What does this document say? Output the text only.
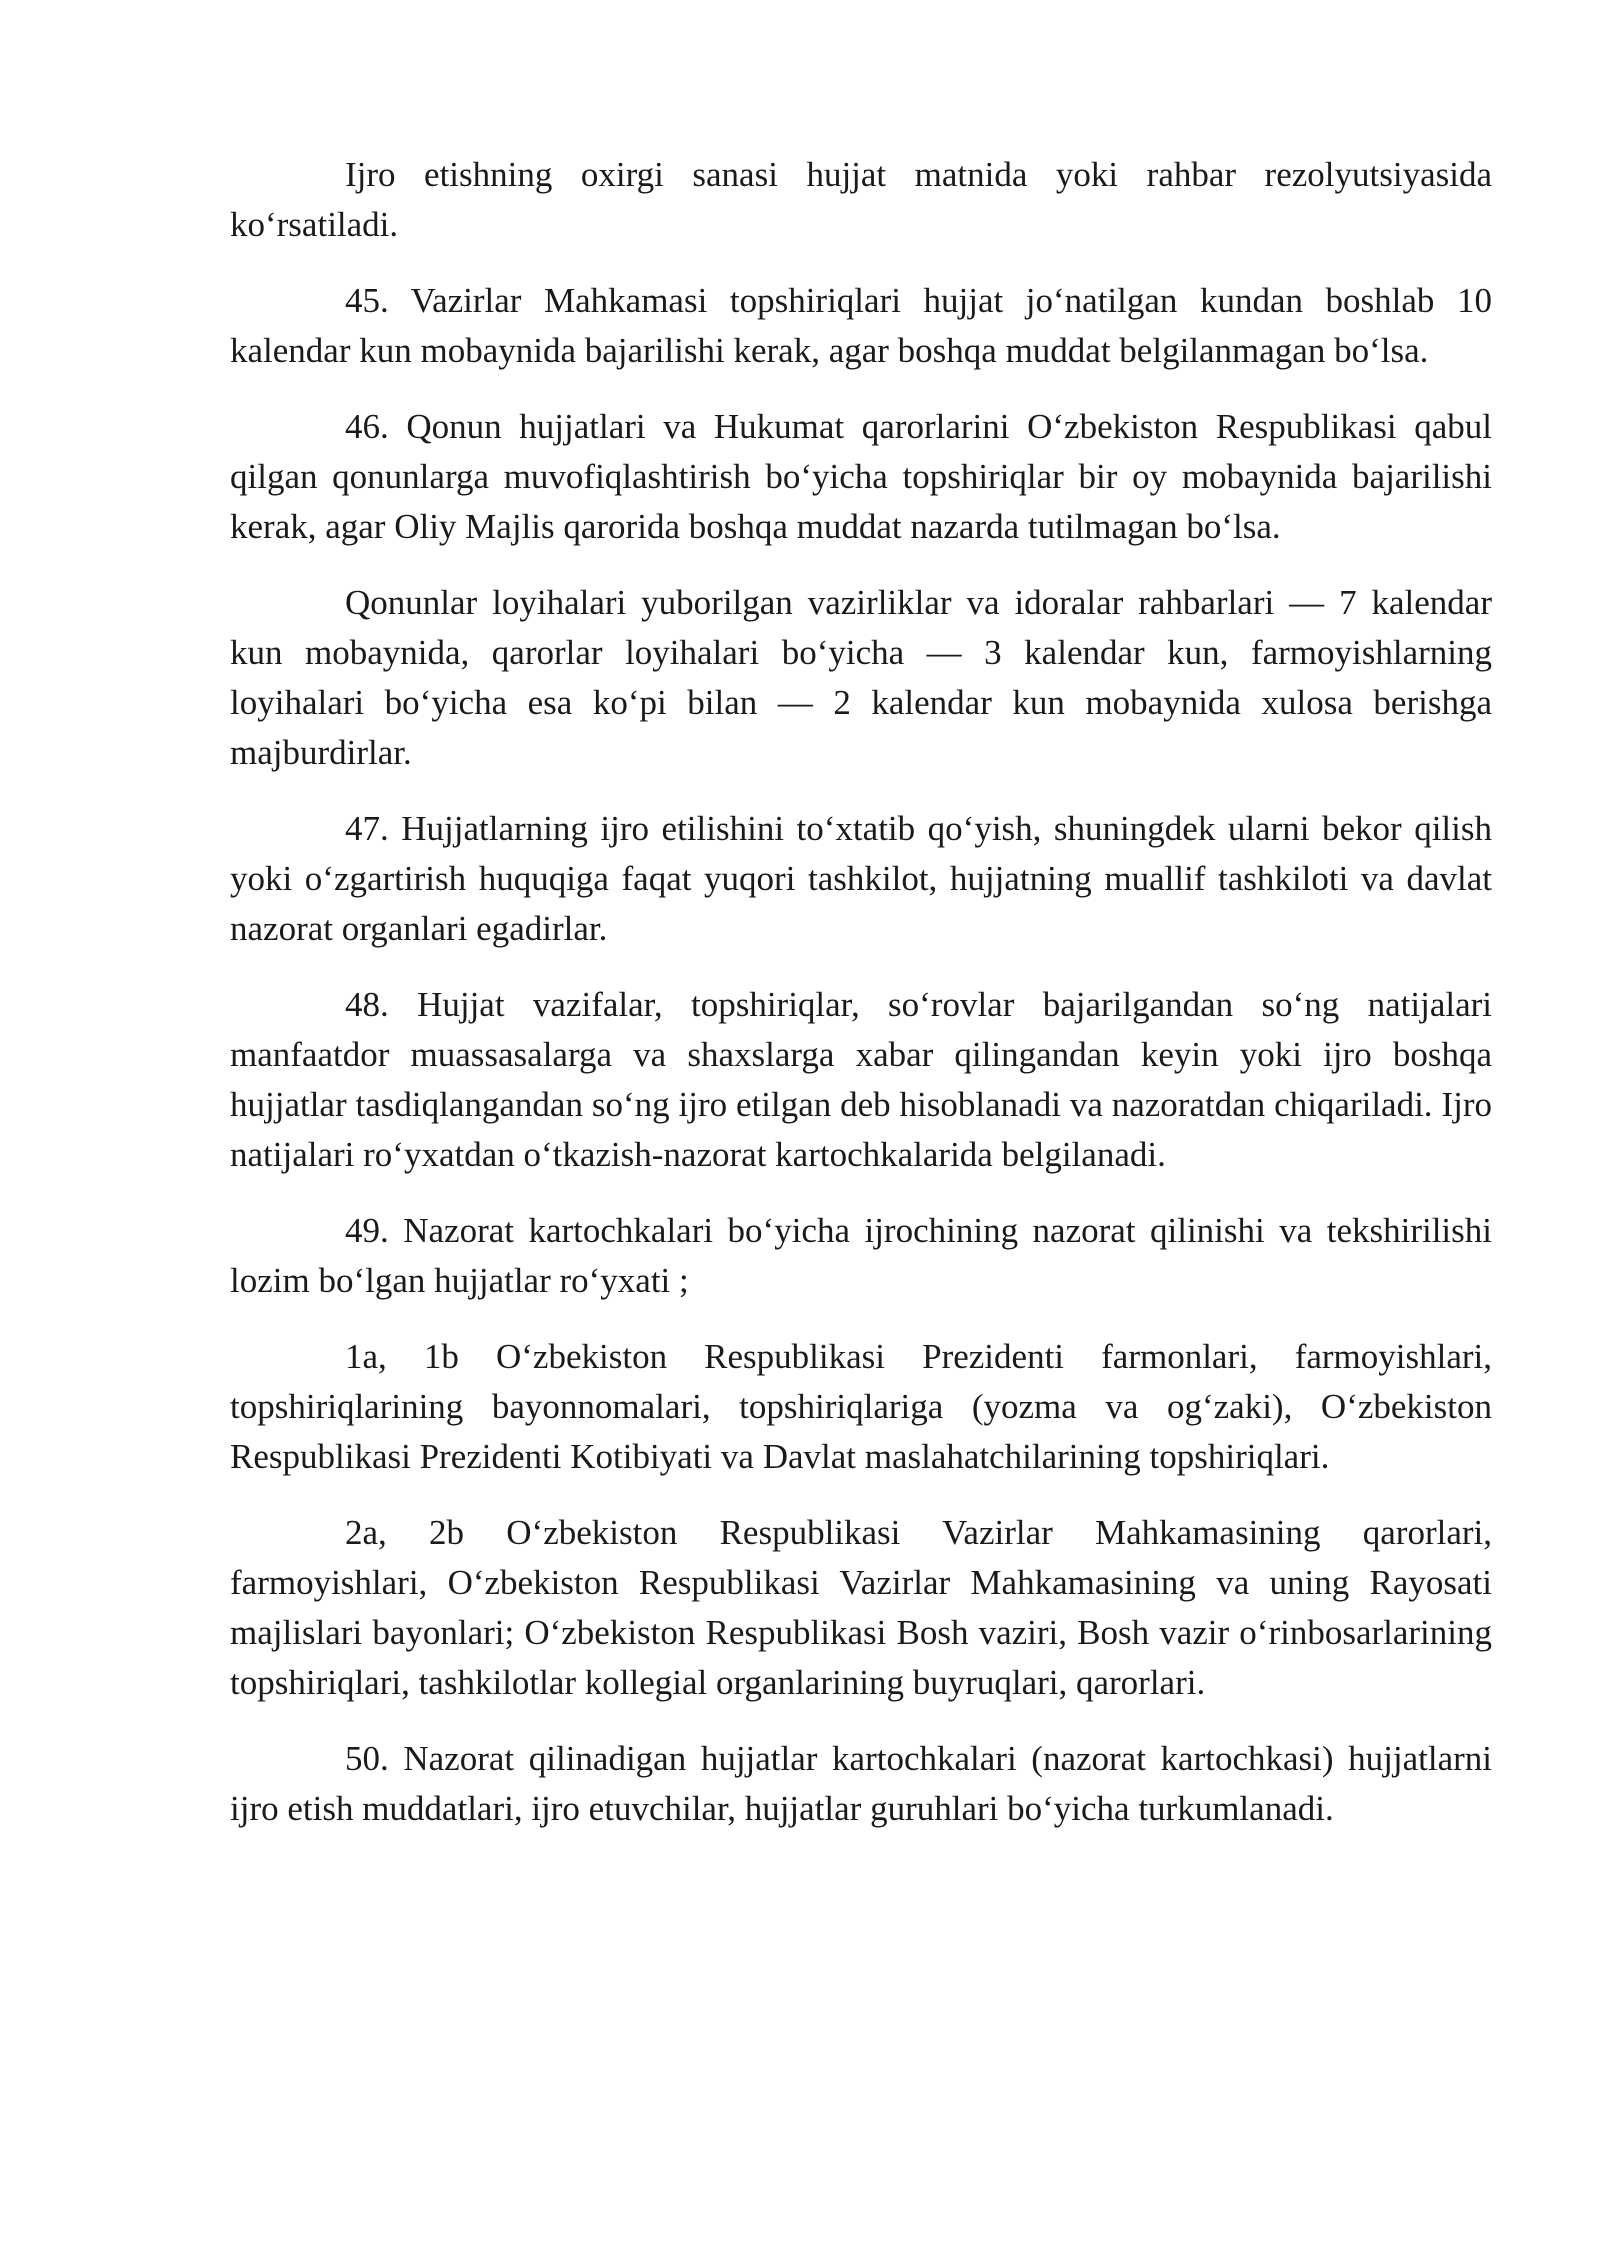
Ijro etishning oxirgi sanasi hujjat matnida yoki rahbar rezolyutsiyasida ko‘rsatiladi.

45. Vazirlar Mahkamasi topshiriqlari hujjat jo‘natilgan kundan boshlab 10 kalendar kun mobaynida bajarilishi kerak, agar boshqa muddat belgilanmagan bo‘lsa.

46. Qonun hujjatlari va Hukumat qarorlarini O‘zbekiston Respublikasi qabul qilgan qonunlarga muvofiqlashtirish bo‘yicha topshiriqlar bir oy mobaynida bajarilishi kerak, agar Oliy Majlis qarorida boshqa muddat nazarda tutilmagan bo‘lsa.

Qonunlar loyihalari yuborilgan vazirliklar va idoralar rahbarlari — 7 kalendar kun mobaynida, qarorlar loyihalari bo‘yicha — 3 kalendar kun, farmoyishlarning loyihalari bo‘yicha esa ko‘pi bilan — 2 kalendar kun mobaynida xulosa berishga majburdirlar.

47. Hujjatlarning ijro etilishini to‘xtatib qo‘yish, shuningdek ularni bekor qilish yoki o‘zgartirish huquqiga faqat yuqori tashkilot, hujjatning muallif tashkiloti va davlat nazorat organlari egadirlar.

48. Hujjat vazifalar, topshiriqlar, so‘rovlar bajarilgandan so‘ng natijalari manfaatdor muassasalarga va shaxslarga xabar qilingandan keyin yoki ijro boshqa hujjatlar tasdiqlangandan so‘ng ijro etilgan deb hisoblanadi va nazoratdan chiqariladi. Ijro natijalari ro‘yxatdan o‘tkazish-nazorat kartochkalarida belgilanadi.

49. Nazorat kartochkalari bo‘yicha ijrochining nazorat qilinishi va tekshirilishi lozim bo‘lgan hujjatlar ro‘yxati ;

1a, 1b O‘zbekiston Respublikasi Prezidenti farmonlari, farmoyishlari, topshiriqlarining bayonnomalari, topshiriqlariga (yozma va og‘zaki), O‘zbekiston Respublikasi Prezidenti Kotibiyati va Davlat maslahatchilarining topshiriqlari.

2a, 2b O‘zbekiston Respublikasi Vazirlar Mahkamasining qarorlari, farmoyishlari, O‘zbekiston Respublikasi Vazirlar Mahkamasining va uning Rayosati majlislari bayonlari; O‘zbekiston Respublikasi Bosh vaziri, Bosh vazir o‘rinbosarlarining topshiriqlari, tashkilotlar kollegial organlarining buyruqlari, qarorlari.

50. Nazorat qilinadigan hujjatlar kartochkalari (nazorat kartochkasi) hujjatlarni ijro etish muddatlari, ijro etuvchilar, hujjatlar guruhlari bo‘yicha turkumlanadi.
